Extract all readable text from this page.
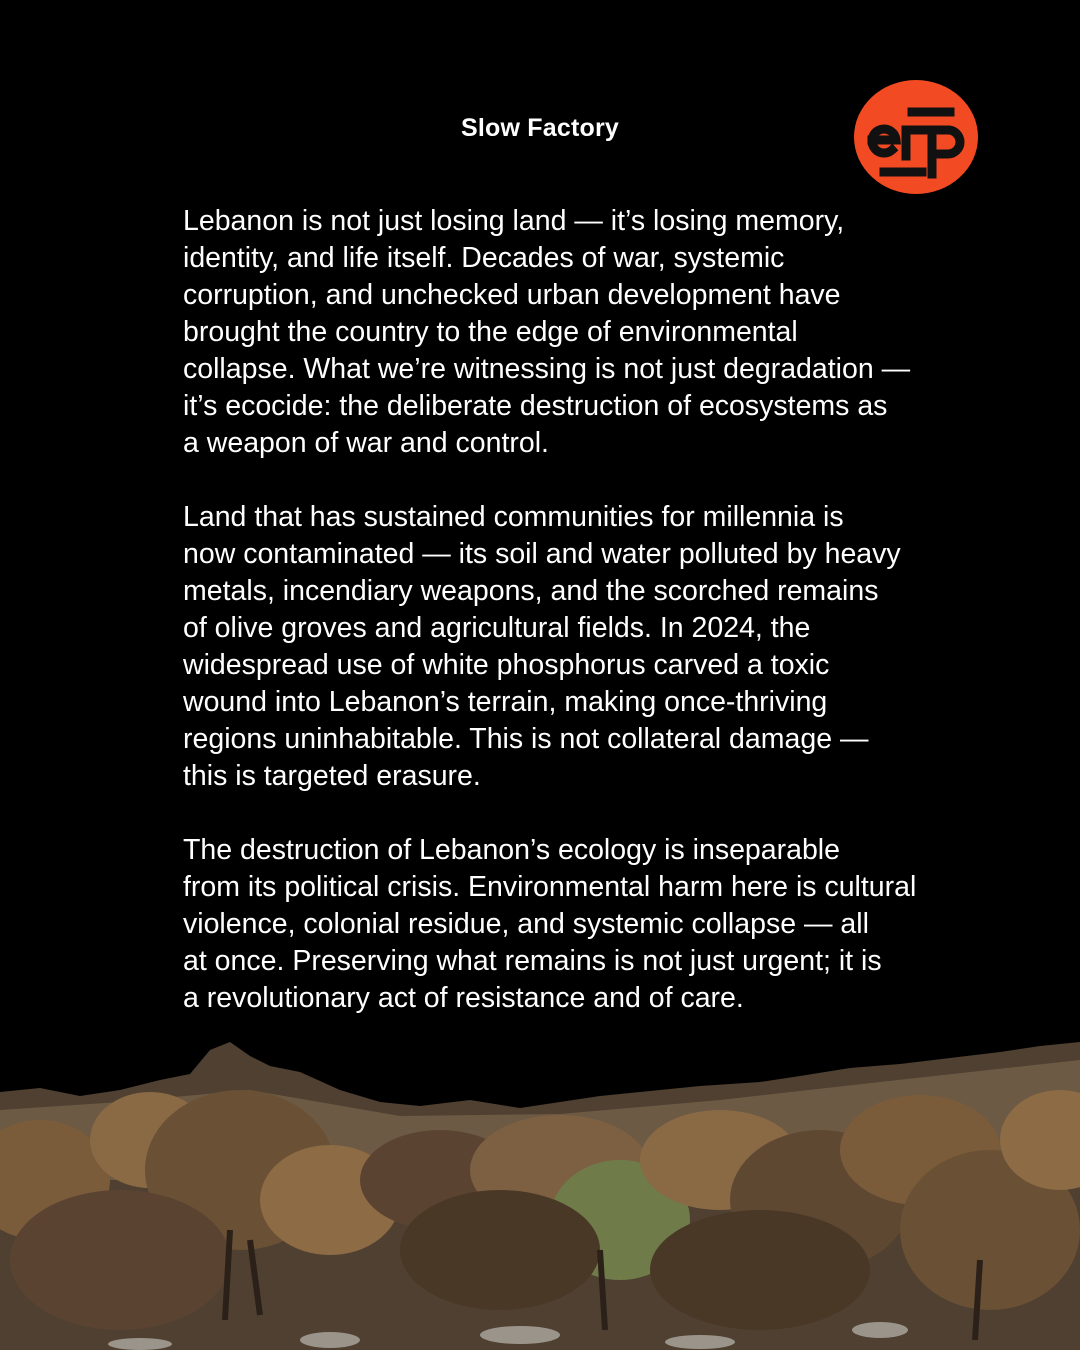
Slow Factory

Lebanon is not just losing land — it’s losing memory,
identity, and life itself. Decades of war, systemic
corruption, and unchecked urban development have
brought the country to the edge of environmental
collapse. What we’re witnessing is not just degradation —
it’s ecocide: the deliberate destruction of ecosystems as
a weapon of war and control.

Land that has sustained communities for millennia is
now contaminated — its soil and water polluted by heavy
metals, incendiary weapons, and the scorched remains
of olive groves and agricultural fields. In 2024, the
widespread use of white phosphorus carved a toxic
wound into Lebanon’s terrain, making once-thriving
regions uninhabitable. This is not collateral damage —
this is targeted erasure.

The destruction of Lebanon’s ecology is inseparable
from its political crisis. Environmental harm here is cultural
violence, colonial residue, and systemic collapse — all
at once. Preserving what remains is not just urgent; it is
a revolutionary act of resistance and of care.
